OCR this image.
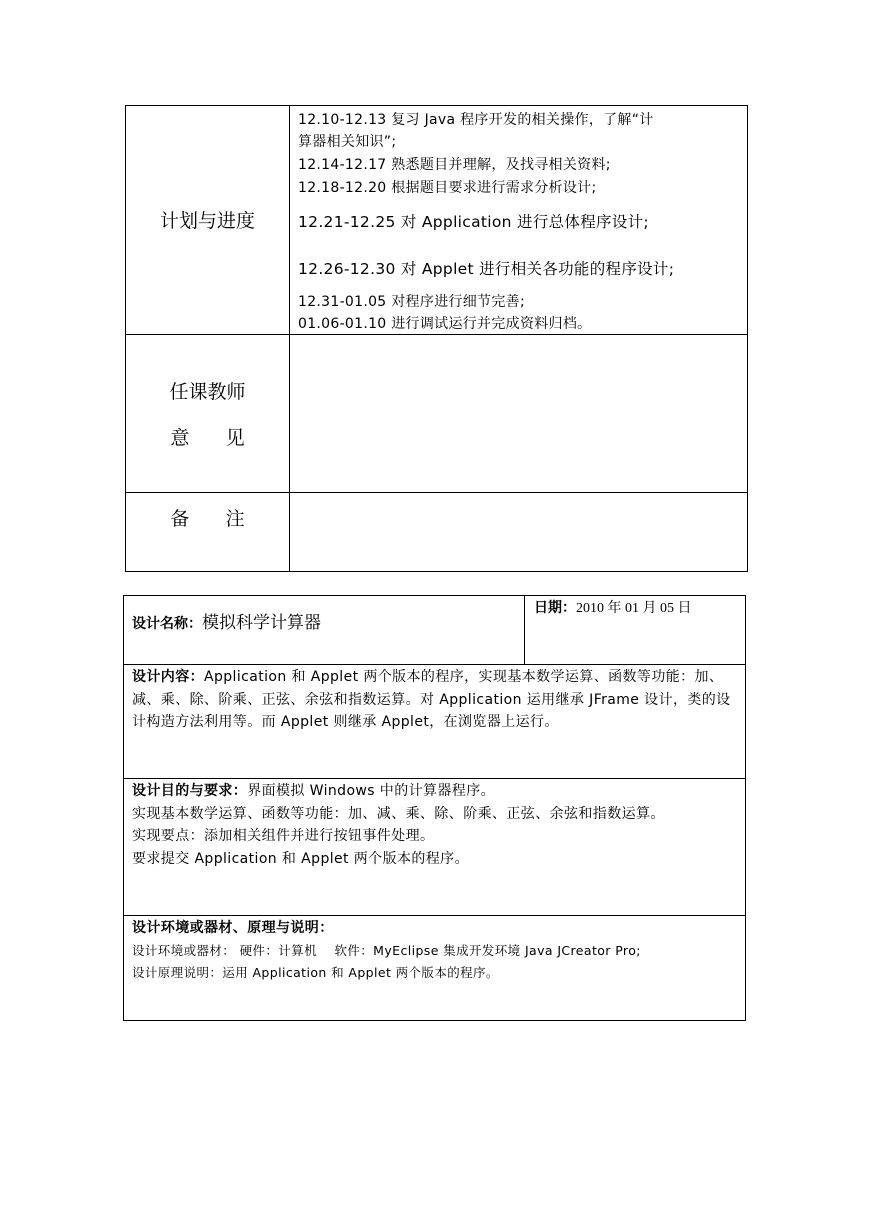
计划与进度
12.10-12.13 复习 Java 程序开发的相关操作，了解“计
算器相关知识”;
12.14-12.17 熟悉题目并理解，及找寻相关资料;
12.18-12.20 根据题目要求进行需求分析设计;
12.21-12.25 对 Application 进行总体程序设计;
12.26-12.30 对 Applet 进行相关各功能的程序设计;
12.31-01.05 对程序进行细节完善;
01.06-01.10 进行调试运行并完成资料归档。
任课教师
意      见
备      注
设计名称：模拟科学计算器
日期：2010 年 01 月 05 日
设计内容：Application 和 Applet 两个版本的程序，实现基本数学运算、函数等功能：加、减、乘、除、阶乘、正弦、余弦和指数运算。对 Application 运用继承 JFrame 设计，类的设计构造方法利用等。而 Applet 则继承 Applet，在浏览器上运行。
设计目的与要求：界面模拟 Windows 中的计算器程序。
实现基本数学运算、函数等功能：加、减、乘、除、阶乘、正弦、余弦和指数运算。
实现要点：添加相关组件并进行按钮事件处理。
要求提交 Application 和 Applet 两个版本的程序。
设计环境或器材、原理与说明：
设计环境或器材： 硬件：计算机    软件：MyEclipse 集成开发环境 Java JCreator Pro;
设计原理说明：运用 Application 和 Applet 两个版本的程序。
